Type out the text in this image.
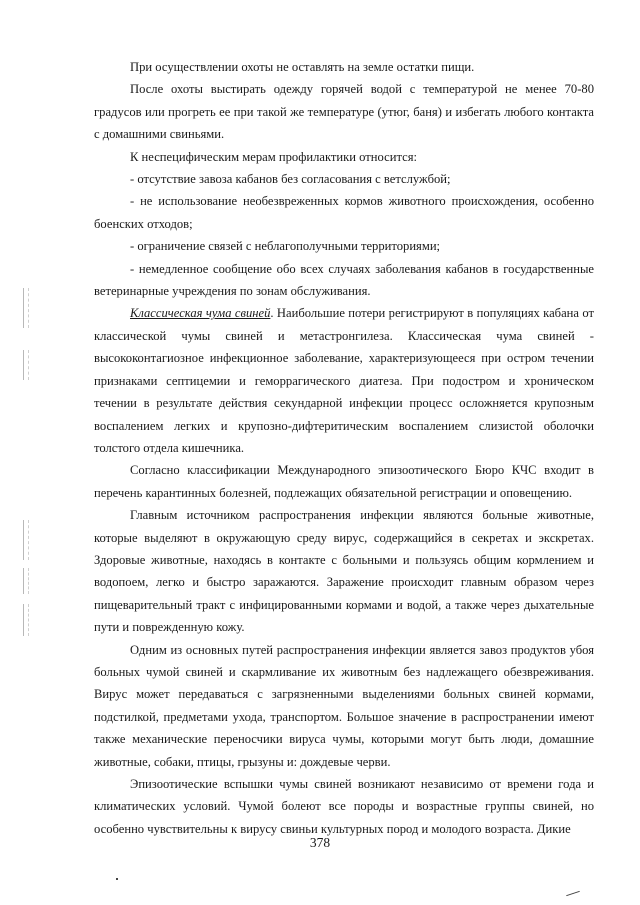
При осуществлении охоты не оставлять на земле остатки пищи.

После охоты выстирать одежду горячей водой с температурой не менее 70-80 градусов или прогреть ее при такой же температуре (утюг, баня) и избегать любого контакта с домашними свиньями.

К неспецифическим мерам профилактики относится:

- отсутствие завоза кабанов без согласования с ветслужбой;

- не использование необезвреженных кормов животного происхождения, особенно боенских отходов;

- ограничение связей с неблагополучными территориями;

- немедленное сообщение обо всех случаях заболевания кабанов в государственные ветеринарные учреждения по зонам обслуживания.

Классическая чума свиней. Наибольшие потери регистрируют в популяциях кабана от классической чумы свиней и метастронгилеза. Классическая чума свиней - высококонтагиозное инфекционное заболевание, характеризующееся при остром течении признаками септицемии и геморрагического диатеза. При подостром и хроническом течении в результате действия секундарной инфекции процесс осложняется крупозным воспалением легких и крупозно-дифтеритическим воспалением слизистой оболочки толстого отдела кишечника.

Согласно классификации Международного эпизоотического Бюро КЧС входит в перечень карантинных болезней, подлежащих обязательной регистрации и оповещению.

Главным источником распространения инфекции являются больные животные, которые выделяют в окружающую среду вирус, содержащийся в секретах и экскретах. Здоровые животные, находясь в контакте с больными и пользуясь общим кормлением и водопоем, легко и быстро заражаются. Заражение происходит главным образом через пищеварительный тракт с инфицированными кормами и водой, а также через дыхательные пути и поврежденную кожу.

Одним из основных путей распространения инфекции является завоз продуктов убоя больных чумой свиней и скармливание их животным без надлежащего обезвреживания. Вирус может передаваться с загрязненными выделениями больных свиней кормами, подстилкой, предметами ухода, транспортом. Большое значение в распространении имеют также механические переносчики вируса чумы, которыми могут быть люди, домашние животные, собаки, птицы, грызуны и: дождевые черви.

Эпизоотические вспышки чумы свиней возникают независимо от времени года и климатических условий. Чумой болеют все породы и возрастные группы свиней, но особенно чувствительны к вирусу свиньи культурных пород и молодого возраста. Дикие

378
